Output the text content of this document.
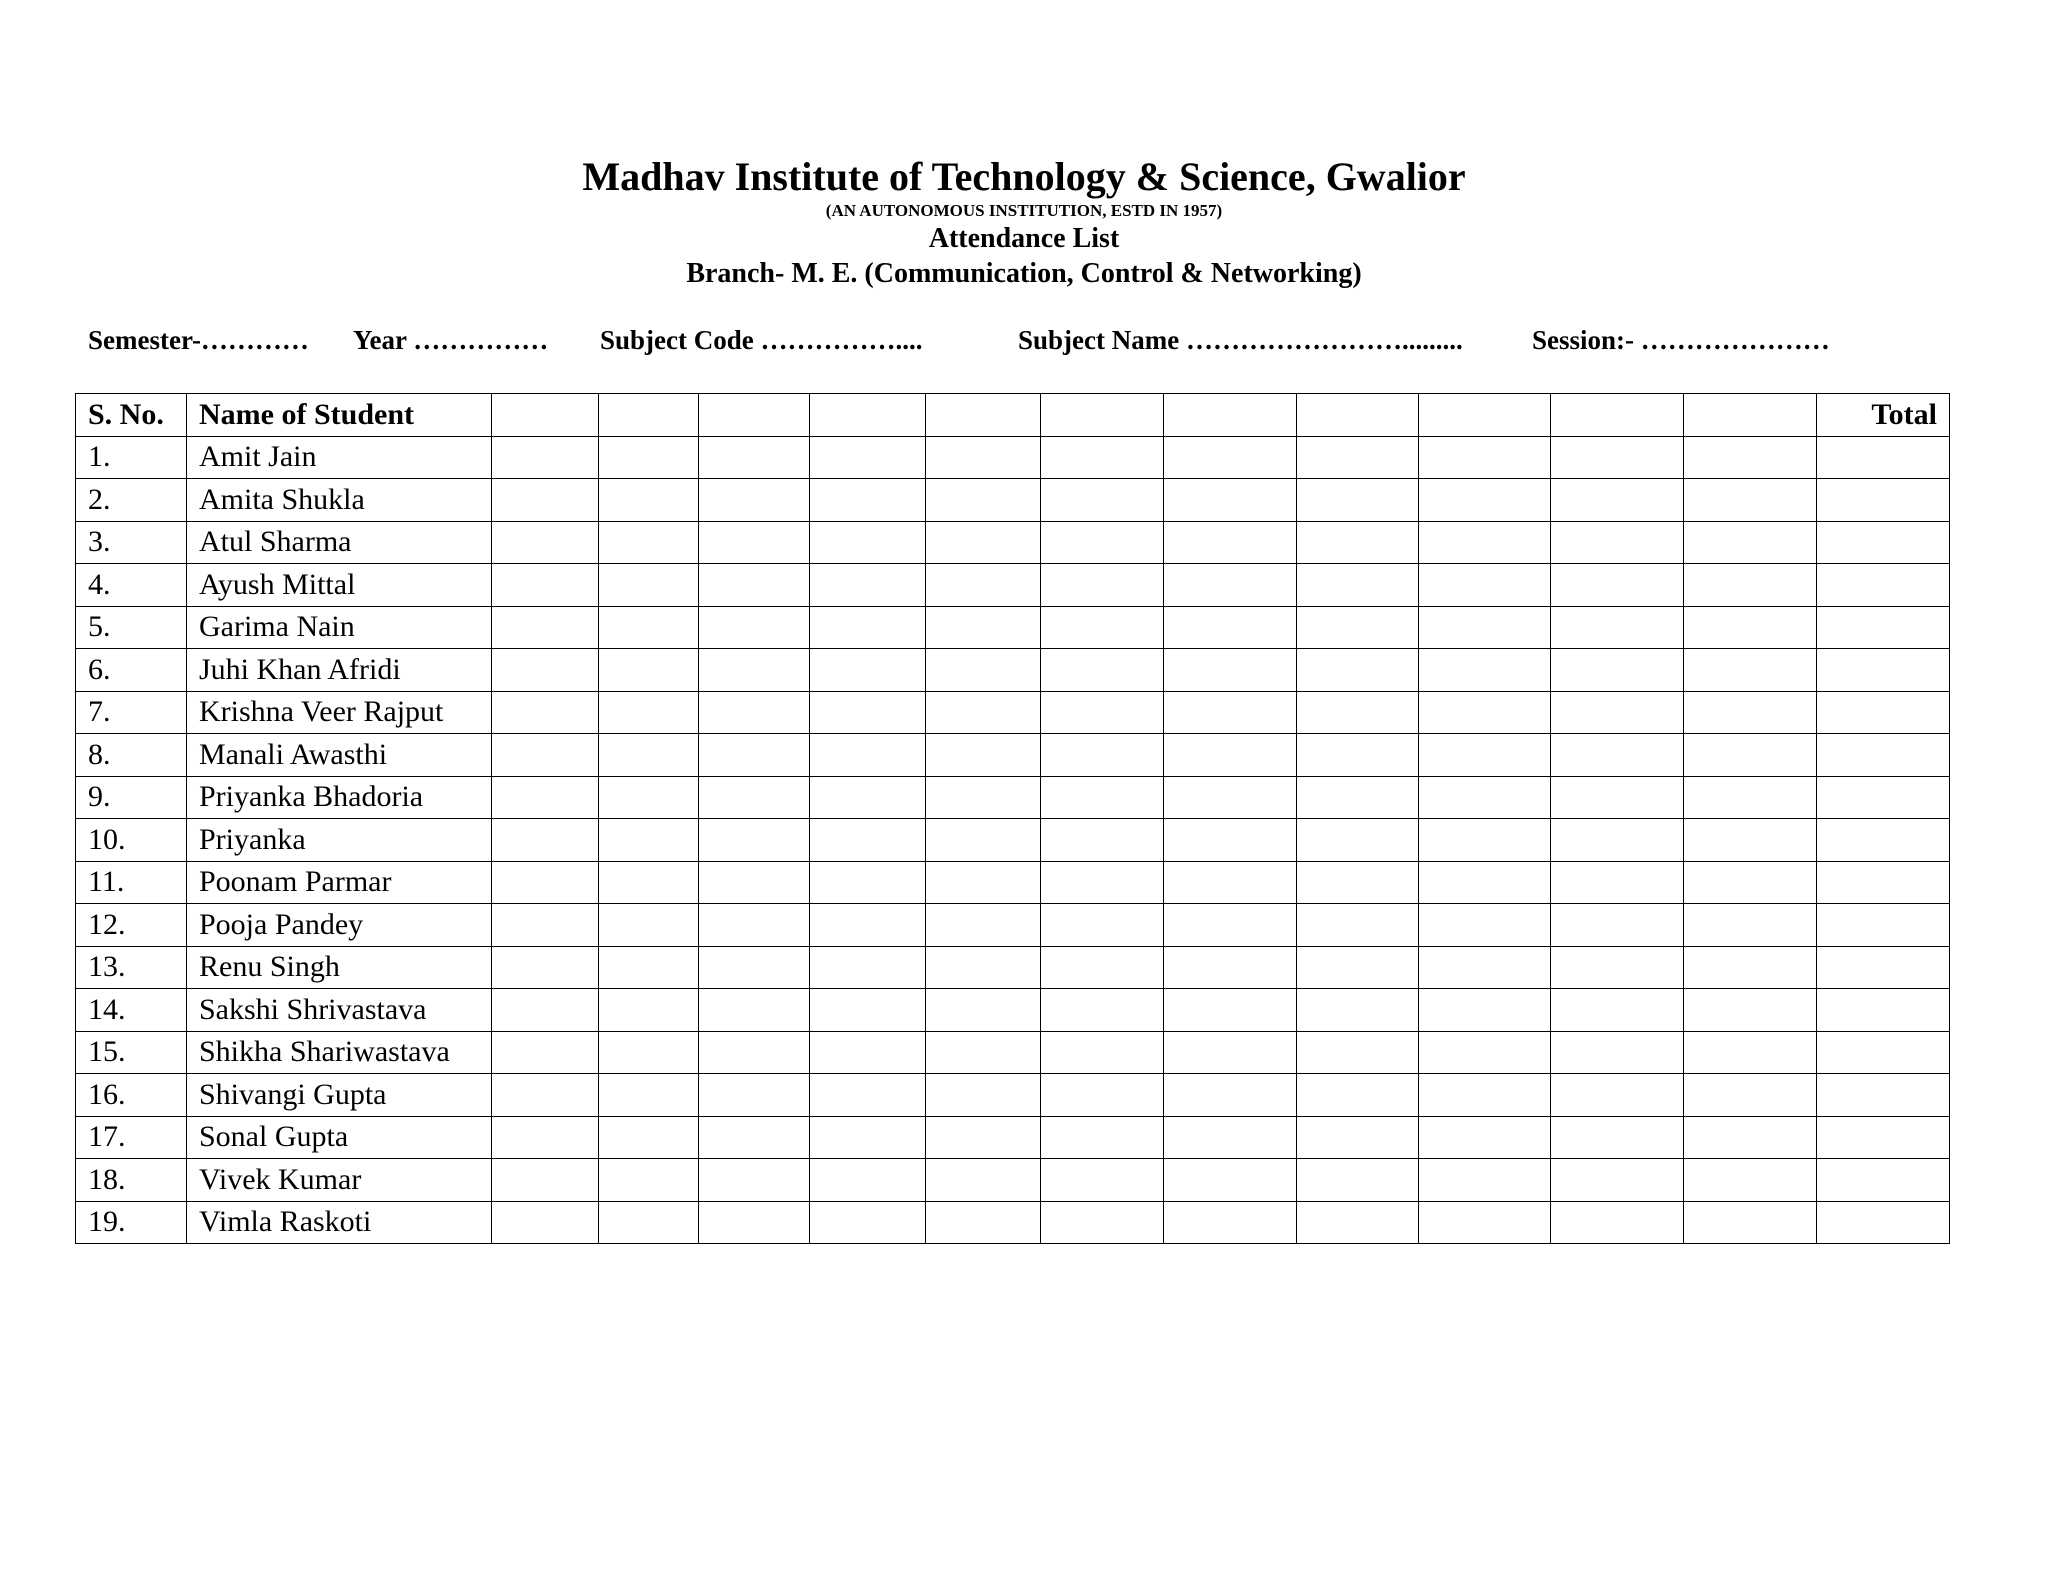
Madhav Institute of Technology & Science, Gwalior
(AN AUTONOMOUS INSTITUTION, ESTD IN 1957)
Attendance List
Branch- M. E. (Communication, Control & Networking)
Semester-………… Year …………… Subject Code ……………....	Subject Name …………………….........	Session:- …………………
S. No.	Name of Student												Total
1.	Amit Jain												
2.	Amita Shukla												
3.	Atul Sharma												
4.	Ayush Mittal												
5.	Garima Nain												
6.	Juhi Khan Afridi												
7.	Krishna Veer Rajput												
8.	Manali Awasthi												
9.	Priyanka Bhadoria												
10.	Priyanka												
11.	Poonam Parmar												
12.	Pooja Pandey												
13.	Renu Singh												
14.	Sakshi Shrivastava												
15.	Shikha Shariwastava												
16.	Shivangi Gupta												
17.	Sonal Gupta												
18.	Vivek Kumar												
19.	Vimla Raskoti												
